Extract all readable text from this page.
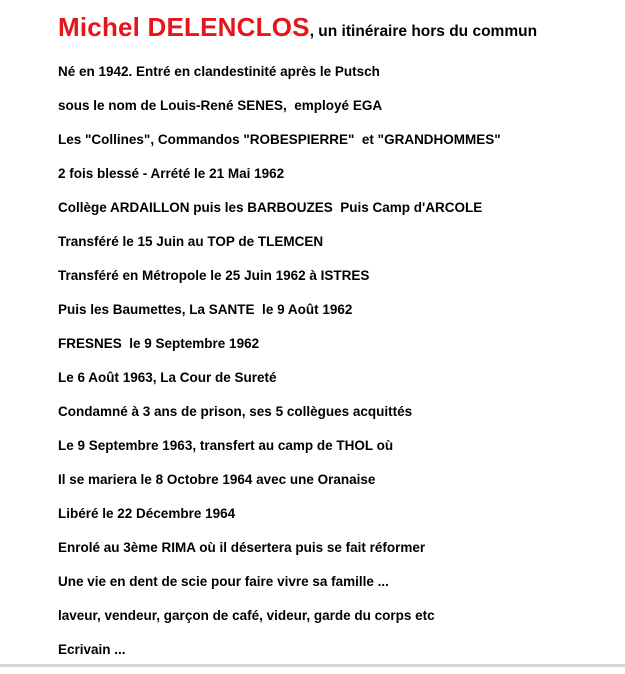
Michel DELENCLOS, un itinéraire hors du commun
Né en 1942. Entré en clandestinité après le Putsch
sous le nom de Louis-René SENES,  employé EGA
Les "Collines", Commandos "ROBESPIERRE"  et "GRANDHOMMES"
2 fois blessé - Arrété le 21 Mai 1962
Collège ARDAILLON puis les BARBOUZES  Puis Camp d'ARCOLE
Transféré le 15 Juin au TOP de TLEMCEN
Transféré en Métropole le 25 Juin 1962 à ISTRES
Puis les Baumettes, La SANTE  le 9 Août 1962
FRESNES  le 9 Septembre 1962
Le 6 Août 1963, La Cour de Sureté
Condamné à 3 ans de prison, ses 5 collègues acquittés
Le 9 Septembre 1963, transfert au camp de THOL où
Il se mariera le 8 Octobre 1964 avec une Oranaise
Libéré le 22 Décembre 1964
Enrolé au 3ème RIMA où il désertera puis se fait réformer
Une vie en dent de scie pour faire vivre sa famille ...
laveur, vendeur, garçon de café, videur, garde du corps etc
Ecrivain ...
